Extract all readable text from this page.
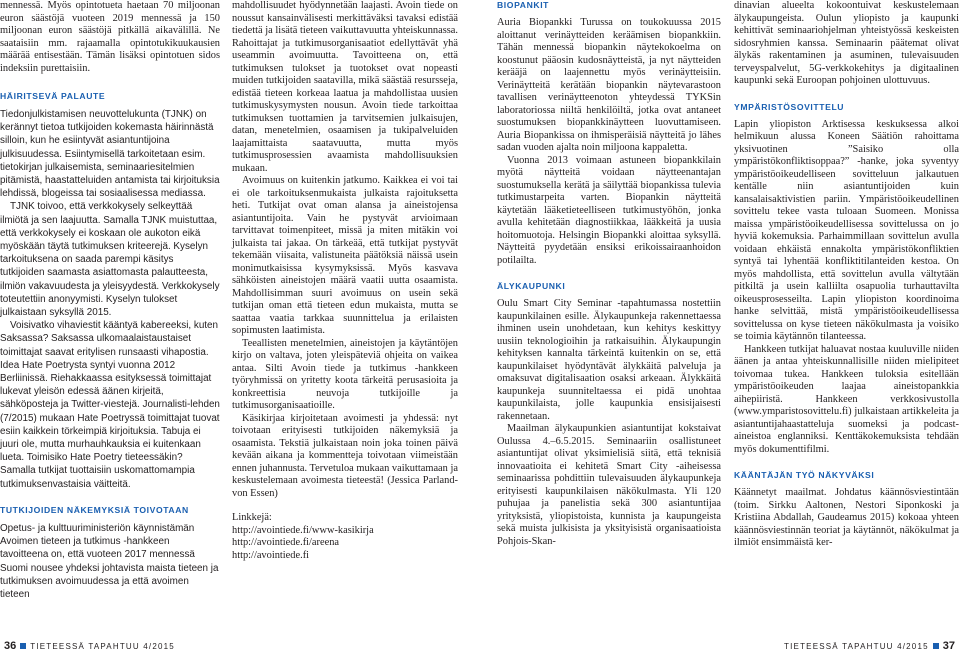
mennessä. Myös opintotueta haetaan 70 miljoonan euron säästöjä vuoteen 2019 mennessä ja 150 miljoonan euron säästöjä pitkällä aikavälillä. Ne saataisiin mm. rajaamalla opintotukikuukausien määrää entisestään. Tämän lisäksi opintotuen sidos indeksiin purettaisiin.

HÄIRITSEVÄ PALAUTE

Tiedonjulkistamisen neuvottelukunta (TJNK) on kerännyt tietoa tutkijoiden kokemasta häirinnästä silloin, kun he esiintyvät asiantuntijoina julkisuudessa. Esiintymisellä tarkoitetaan esim. tietokirjan julkaisemista, seminaariesitelmien pitämistä, haastatteluiden antamista tai kirjoituksia lehdissä, blogeissa tai sosiaalisessa mediassa.

TJNK toivoo, että verkkokysely selkeyttää ilmiötä ja sen laajuutta. Samalla TJNK muistuttaa, että verkkokysely ei koskaan ole aukoton eikä myöskään täytä tutkimuksen kriteerejä. Kyselyn tarkoituksena on saada parempi käsitys tutkijoiden saamasta asiattomasta palautteesta, ilmiön vakavuudesta ja yleisyydestä. Verkkokysely toteutettiin anonyymisti. Kyselyn tulokset julkaistaan syksyllä 2015.

Voisivatko vihaviestit kääntyä kabereeksi, kuten Saksassa? Saksassa ulkomaalaistaustaiset toimittajat saavat eritylisen runsaasti vihapostia. Idea Hate Poetrysta syntyi vuonna 2012 Berliinissä. Riehakkaassa esityksessä toimittajat lukevat yleisön edessä äänen kirjeitä, sähköposteja ja Twitter-viestejä. Journalisti-lehden (7/2015) mukaan Hate Poetryssä toimittajat tuovat esiin kaikkein törkeimpiä kirjoituksia. Tabuja ei juuri ole, mutta murhauhkauksia ei kuitenkaan lueta. Toimisiko Hate Poetry tieteessäkin? Samalla tutkijat tuottaisiin uskomattomampia tutkimuksenvastaisia väitteitä.

TUTKIJOIDEN NÄKEMYKSIÄ TOIVOTAAN

Opetus- ja kulttuuriministeriön käynnistämän Avoimen tieteen ja tutkimus -hankkeen tavoitteena on, että vuoteen 2017 mennessä Suomi nousee yhdeksi johtavista maista tieteen ja tutkimuksen avoimuudessa ja että avoimen tieteen

mahdollisuudet hyödynnetään laajasti. Avoin tiede on noussut kansainvälisesti merkittäväksi tavaksi edistää tiedettä ja lisätä tieteen vaikuttavuutta yhteiskunnassa. Rahoittajat ja tutkimusorganisaatiot edellyttävät yhä useammin avoimuutta. Tavoitteena on, että tutkimuksen tulokset ja tuotokset ovat nopeasti muiden tutkijoiden saatavilla, mikä säästää resursseja, edistää tieteen korkeaa laatua ja mahdollistaa uusien tutkimuskysymysten nousun. Avoin tiede tarkoittaa tutkimuksen tuottamien ja tarvitsemien julkaisujen, datan, menetelmien, osaamisen ja tukipalveluiden laajamittaista saatavuutta, mutta myös tutkimusprosessien avaamista mahdollisuuksien mukaan.

Avoimuus on kuitenkin jatkumo. Kaikkea ei voi tai ei ole tarkoituksenmukaista julkaista rajoituksetta heti. Tutkijat ovat oman alansa ja aineistojensa asiantuntijoita. Vain he pystyvät arvioimaan tarvittavat toimenpiteet, missä ja miten mitäkin voi julkaista tai jakaa. On tärkeää, että tutkijat pystyvät tekemään viisaita, valistuneita päätöksiä näissä usein monimutkaisissa kysymyksissä. Myös kasvava sähköisten aineistojen määrä vaatii uutta osaamista. Mahdollisimman suuri avoimuus on usein sekä tutkijan oman että tieteen edun mukaista, mutta se saattaa vaatia tarkkaa suunnittelua ja erilaisten sopimusten laatimista.

Teeallisten menetelmien, aineistojen ja käytäntöjen kirjo on valtava, joten yleispäteviä ohjeita on vaikea antaa. Silti Avoin tiede ja tutkimus -hankkeen työryhmissä on yritetty koota tärkeitä perusasioita ja konkreettisia neuvoja tutkijoille ja tutkimusorganisaatioille.

Käsikirjaa kirjoitetaan avoimesti ja yhdessä: nyt toivotaan erityisesti tutkijoiden näkemyksiä ja osaamista. Tekstiä julkaistaan noin joka toinen päivä kevään aikana ja kommentteja toivotaan viimeistään ennen juhannusta. Tervetuloa mukaan vaikuttamaan ja keskustelemaan avoimesta tieteestä! (Jessica Parland-von Essen)

Linkkejä:

http://avointiede.fi/www-kasikirja

http://avointiede.fi/areena

http://avointiede.fi

BIOPANKIT

Auria Biopankki Turussa on toukokuussa 2015 aloittanut verinäytteiden keräämisen biopankkiin. Tähän mennessä biopankin näytekokoelma on koostunut pääosin kudosnäytteistä, ja nyt näytteiden kerääjä on laajennettu myös verinäytteisiin. Verinäytteitä kerätään biopankin näytevarastoon tavallisen verinäytteenoton yhteydessä TYKSin laboratoriossa niiltä henkilöiltä, jotka ovat antaneet suostumuksen biopankkinäytteen luovuttamiseen. Auria Biopankissa on ihmisperäisiä näytteitä jo lähes sadan vuoden ajalta noin miljoona kappaletta.

Vuonna 2013 voimaan astuneen biopankkilain myötä näytteitä voidaan näytteenantajan suostumuksella kerätä ja säilyttää biopankissa tulevia tutkimustarpeita varten. Biopankin näytteitä käytetään lääketieteelliseen tutkimustyöhön, jonka avulla kehitetään diagnostiikkaa, lääkkeitä ja uusia hoitomuotoja. Helsingin Biopankki aloittaa syksyllä. Näytteitä pyydetään ensiksi erikoissairaanhoidon potilailta.

ÄLYKAUPUNKI

Oulu Smart City Seminar -tapahtumassa nostettiin kaupunkilainen esille. Älykaupunkeja rakennettaessa ihminen usein unohdetaan, kun kehitys keskittyy uusiin teknologioihin ja ratkaisuihin. Älykaupungin kehityksen kannalta tärkeintä kuitenkin on se, että kaupunkilaiset hyödyntävät älykkäitä palveluja ja omaksuvat digitalisaation osaksi arkeaan. Älykkäitä kaupunkeja suunniteltaessa ei pidä unohtaa kaupunkilaista, jolle kaupunkia ensisijaisesti rakennetaan.

Maailman älykaupunkien asiantuntijat kokstaivat Oulussa 4.–6.5.2015. Seminaariin osallistuneet asiantuntijat olivat yksimielisiä siitä, että teknisiä innovaatioita ei kehitetä Smart City -aiheisessa seminaarissa pohdittiin tulevaisuuden älykaupunkeja erityisesti kaupunkilaisen näkökulmasta. Yli 120 puhujaa ja panelistia sekä 300 asiantuntijaa yrityksistä, yliopistoista, kunnista ja kaupungeista sekä muista julkisista ja yksityisistä organisaatioista Pohjois-Skan-

dinavian alueelta kokoontuivat keskustelemaan älykaupungeista. Oulun yliopisto ja kaupunki kehittivät seminaariohjelman yhteistyössä keskeisten sidosryhmien kanssa. Seminaarin päätemat olivat älykäs rakentaminen ja asuminen, tulevaisuuden terveyspalvelut, 5G-verkkokehitys ja digitaalinen kaupunki sekä Euroopan pohjoinen ulottuvuus.

YMPÄRISTÖSOVITTELU

Lapin yliopiston Arktisessa keskuksessa alkoi helmikuun alussa Koneen Säätiön rahoittama yksivuotinen ”Saisiko olla ympäristökonfliktisoppaa?” -hanke, joka syventyy ympäristöoikeudelliseen sovitteluun jalkautuen kentälle niin asiantuntijoiden kuin kansalaisaktivistien pariin. Ympäristöoikeudellinen sovittelu tekee vasta tuloaan Suomeen. Monissa maissa ympäristöoikeudellisessa sovittelussa on jo hyviä kokemuksia. Parhaimmillaan sovittelun avulla voidaan ehkäistä ennakolta ympäristökonfliktien syntyä tai lyhentää konfliktitilanteiden kestoa. On myös mahdollista, että sovittelun avulla vältytään pitkiltä ja usein kalliilta osapuolia turhauttavilta oikeusprosesseilta. Lapin yliopiston koordinoima hanke selvittää, mistä ympäristöoikeudellisessa sovittelussa on kyse tieteen näkökulmasta ja voisiko se toimia käytännön tilanteessa.

Hankkeen tutkijat haluavat nostaa kuuluville niiden äänen ja antaa yhteiskunnallisille niiden mielipiteet toivomaa tukea. Hankkeen tuloksia esitellään ympäristöoikeuden laajaa aineistopankkia aihepiiristä. Hankkeen verkkosivustolla (www.ymparistosovittelu.fi) julkaistaan artikkeleita ja asiantuntijahaastatteluja suomeksi ja podcast-aineistoa englanniksi. Kenttäkokemuksista tehdään myös dokumenttifilmi.

KÄÄNTÄJÄN TYÖ NÄKYVÄKSI

Käännetyt maailmat. Johdatus käännösviestintään (toim. Sirkku Aaltonen, Nestori Siponkoski ja Kristiina Abdallah, Gaudeamus 2015) kokoaa yhteen käännösviestinnän teoriat ja käytännöt, näkökulmat ja ilmiöt ensimmäistä ker-

36 TIETEESSÄ TAPAHTUU 4/2015	TIETEESSÄ TAPAHTUU 4/2015 37
